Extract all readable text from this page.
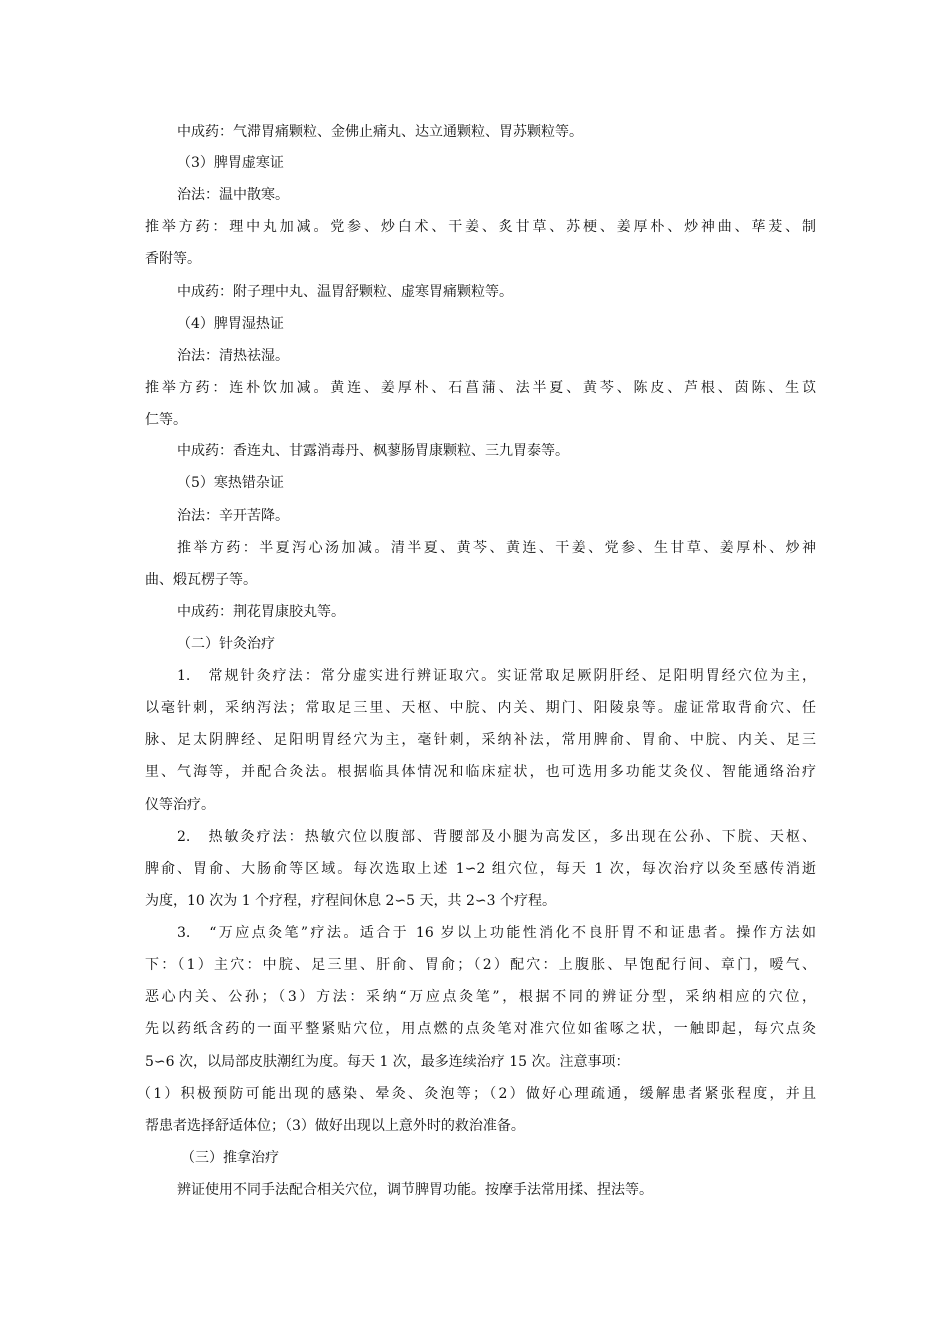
中成药：气滞胃痛颗粒、金佛止痛丸、达立通颗粒、胃苏颗粒等。
（3）脾胃虚寒证
治法：温中散寒。
推举方药：理中丸加减。党参、炒白术、干姜、炙甘草、苏梗、姜厚朴、炒神曲、荜茇、制
香附等。
中成药：附子理中丸、温胃舒颗粒、虚寒胃痛颗粒等。
（4）脾胃湿热证
治法：清热祛湿。
推举方药：连朴饮加减。黄连、姜厚朴、石菖蒲、法半夏、黄芩、陈皮、芦根、茵陈、生苡
仁等。
中成药：香连丸、甘露消毒丹、枫蓼肠胃康颗粒、三九胃泰等。
（5）寒热错杂证
治法：辛开苦降。
推举方药：半夏泻心汤加减。清半夏、黄芩、黄连、干姜、党参、生甘草、姜厚朴、炒神
曲、煅瓦楞子等。
中成药：荆花胃康胶丸等。
（二）针灸治疗
1.　常规针灸疗法：常分虚实进行辨证取穴。实证常取足厥阴肝经、足阳明胃经穴位为主，
以毫针刺，采纳泻法；常取足三里、天枢、中脘、内关、期门、阳陵泉等。虚证常取背俞穴、任
脉、足太阴脾经、足阳明胃经穴为主，毫针刺，采纳补法，常用脾俞、胃俞、中脘、内关、足三
里、气海等，并配合灸法。根据临具体情况和临床症状，也可选用多功能艾灸仪、智能通络治疗
仪等治疗。
2.　热敏灸疗法：热敏穴位以腹部、背腰部及小腿为高发区，多出现在公孙、下脘、天枢、
脾俞、胃俞、大肠俞等区域。每次选取上述 1∽2 组穴位，每天 1 次，每次治疗以灸至感传消逝
为度，10 次为 1 个疗程，疗程间休息 2∽5 天，共 2∽3 个疗程。
3.　“万应点灸笔”疗法。适合于 16 岁以上功能性消化不良肝胃不和证患者。操作方法如
下：（1）主穴：中脘、足三里、肝俞、胃俞；（2）配穴：上腹胀、早饱配行间、章门，嗳气、
恶心内关、公孙；（3）方法：采纳“万应点灸笔”，根据不同的辨证分型，采纳相应的穴位，
先以药纸含药的一面平整紧贴穴位，用点燃的点灸笔对准穴位如雀啄之状，一触即起，每穴点灸
5∽6 次，以局部皮肤潮红为度。每天 1 次，最多连续治疗 15 次。注意事项：
（1）积极预防可能出现的感染、晕灸、灸泡等；（2）做好心理疏通，缓解患者紧张程度，并且
帮患者选择舒适体位；（3）做好出现以上意外时的救治准备。
（三）推拿治疗
辨证使用不同手法配合相关穴位，调节脾胃功能。按摩手法常用揉、捏法等。
